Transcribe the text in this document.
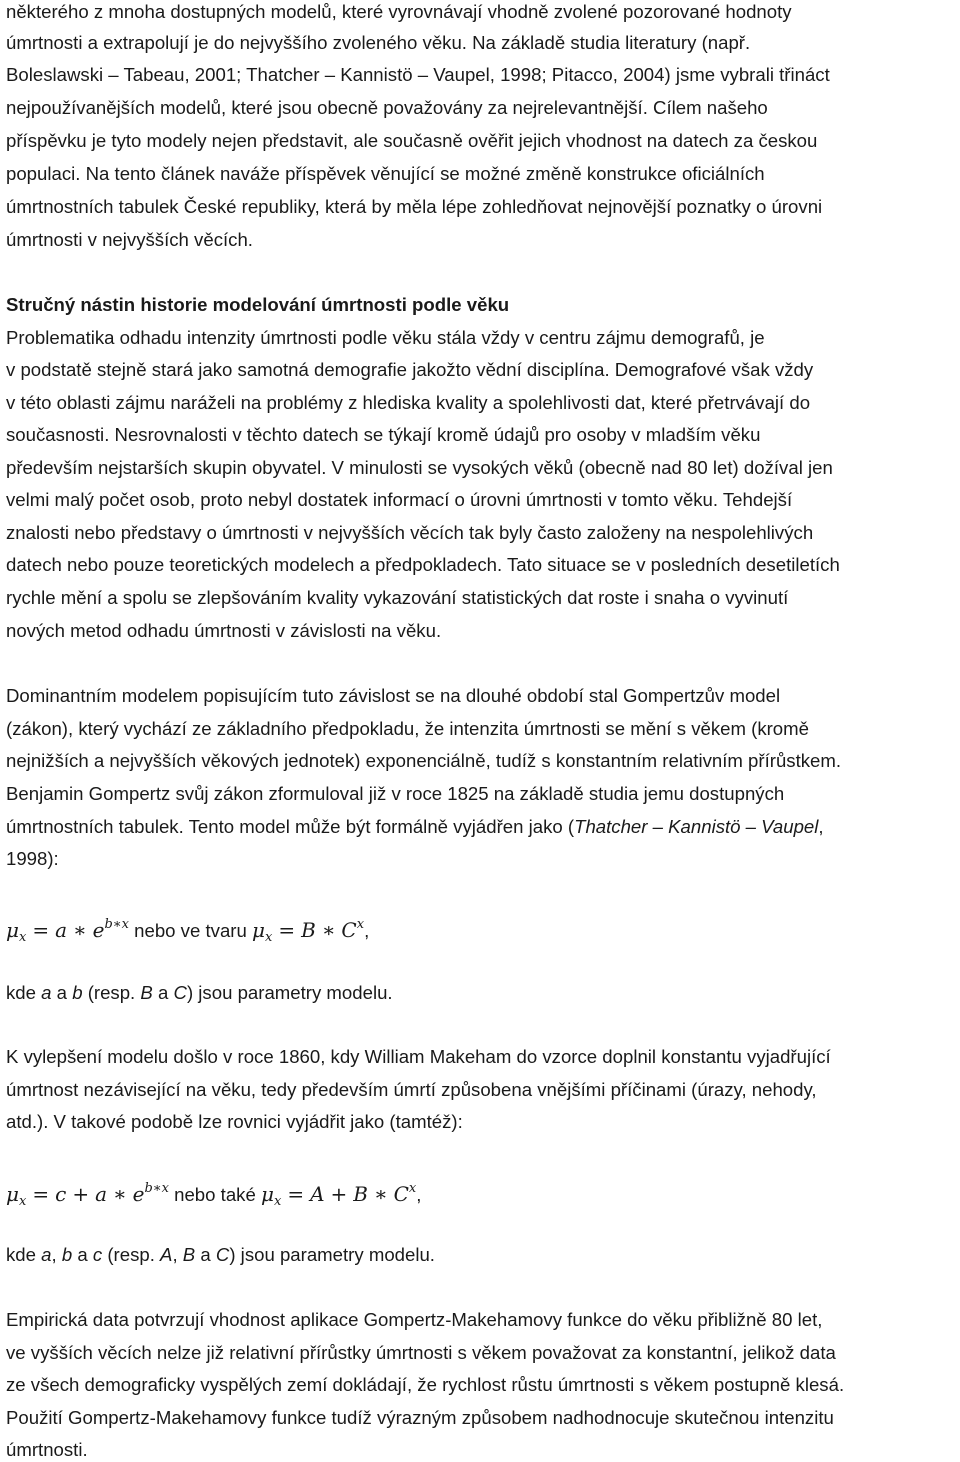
některého z mnoha dostupných modelů, které vyrovnávají vhodně zvolené pozorované hodnoty
úmrtnosti a extrapolují je do nejvyššího zvoleného věku. Na základě studia literatury (např.
Boleslawski – Tabeau, 2001; Thatcher – Kannistö – Vaupel, 1998; Pitacco, 2004) jsme vybrali třináct
nejpoužívanějších modelů, které jsou obecně považovány za nejrelevantnější. Cílem našeho
příspěvku je tyto modely nejen představit, ale současně ověřit jejich vhodnost na datech za českou
populaci. Na tento článek naváže příspěvek věnující se možné změně konstrukce oficiálních
úmrtnostních tabulek České republiky, která by měla lépe zohledňovat nejnovější poznatky o úrovni
úmrtnosti v nejvyšších věcích.
Stručný nástin historie modelování úmrtnosti podle věku
Problematika odhadu intenzity úmrtnosti podle věku stála vždy v centru zájmu demografů, je
v podstatě stejně stará jako samotná demografie jakožto vědní disciplína. Demografové však vždy
v této oblasti zájmu naráželi na problémy z hlediska kvality a spolehlivosti dat, které přetrvávají do
současnosti. Nesrovnalosti v těchto datech se týkají kromě údajů pro osoby v mladším věku
především nejstarších skupin obyvatel. V minulosti se vysokých věků (obecně nad 80 let) dožíval jen
velmi malý počet osob, proto nebyl dostatek informací o úrovni úmrtnosti v tomto věku. Tehdejší
znalosti nebo představy o úmrtnosti v nejvyšších věcích tak byly často založeny na nespolehlivých
datech nebo pouze teoretických modelech a předpokladech. Tato situace se v posledních desetiletích
rychle mění a spolu se zlepšováním kvality vykazování statistických dat roste i snaha o vyvinutí
nových metod odhadu úmrtnosti v závislosti na věku.
Dominantním modelem popisujícím tuto závislost se na dlouhé období stal Gompertzův model
(zákon), který vychází ze základního předpokladu, že intenzita úmrtnosti se mění s věkem (kromě
nejnižších a nejvyšších věkových jednotek) exponenciálně, tudíž s konstantním relativním přírůstkem.
Benjamin Gompertz svůj zákon zformuloval již v roce 1825 na základě studia jemu dostupných
úmrtnostních tabulek. Tento model může být formálně vyjádřen jako (Thatcher – Kannistö – Vaupel,
1998):
$\mu_x = a$ ∗ $e^{b∗x}$ nebo ve tvaru $\mu_x = B$ ∗ $C^x$,
kde a a b (resp. B a C) jsou parametry modelu.
K vylepšení modelu došlo v roce 1860, kdy William Makeham do vzorce doplnil konstantu vyjadřující
úmrtnost nezávisející na věku, tedy především úmrtí způsobena vnějšími příčinami (úrazy, nehody,
atd.). V takové podobě lze rovnici vyjádřit jako (tamtéž):
$\mu_x = c + a$ ∗ $e^{b∗x}$ nebo také $\mu_x = A + B$ ∗ $C^x$,
kde a, b a c (resp. A, B a C) jsou parametry modelu.
Empirická data potvrzují vhodnost aplikace Gompertz-Makehamovy funkce do věku přibližně 80 let,
ve vyšších věcích nelze již relativní přírůstky úmrtnosti s věkem považovat za konstantní, jelikož data
ze všech demograficky vyspělých zemí dokládají, že rychlost růstu úmrtnosti s věkem postupně klesá.
Použití Gompertz-Makehamovy funkce tudíž výrazným způsobem nadhodnocuje skutečnou intenzitu
úmrtnosti.
